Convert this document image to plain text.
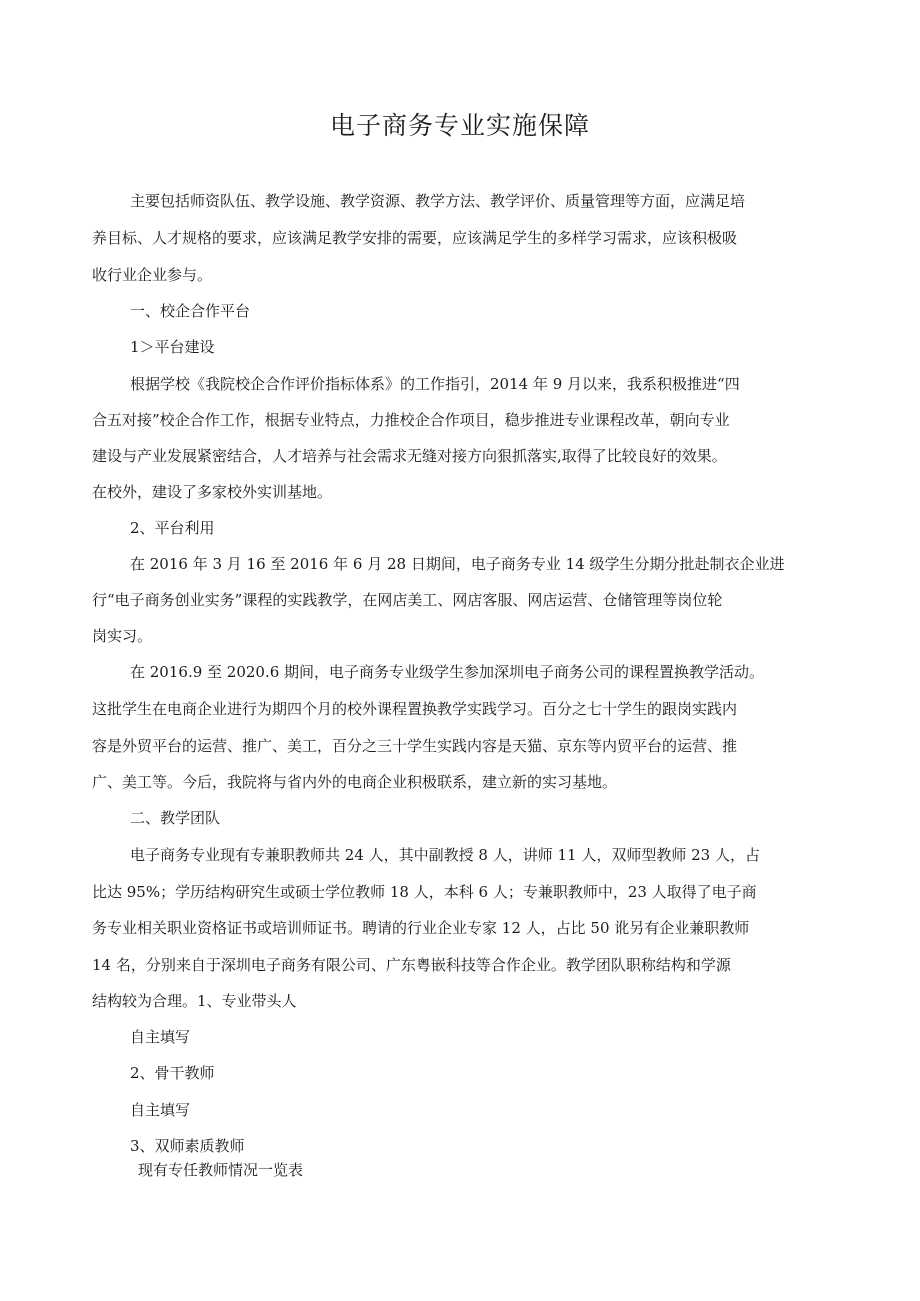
电子商务专业实施保障
主要包括师资队伍、教学设施、教学资源、教学方法、教学评价、质量管理等方面，应满足培
养目标、人才规格的要求，应该满足教学安排的需要，应该满足学生的多样学习需求，应该积极吸
收行业企业参与。
一、校企合作平台
1＞平台建设
根据学校《我院校企合作评价指标体系》的工作指引，2014 年 9 月以来，我系积极推进“四
合五对接”校企合作工作，根据专业特点，力推校企合作项目，稳步推进专业课程改革，朝向专业
建设与产业发展紧密结合，人才培养与社会需求无缝对接方向狠抓落实,取得了比较良好的效果。
在校外，建设了多家校外实训基地。
2、平台利用
在 2016 年 3 月 16 至 2016 年 6 月 28 日期间，电子商务专业 14 级学生分期分批赴制衣企业进
行“电子商务创业实务”课程的实践教学，在网店美工、网店客服、网店运营、仓储管理等岗位轮
岗实习。
在 2016.9 至 2020.6 期间，电子商务专业级学生参加深圳电子商务公司的课程置换教学活动。
这批学生在电商企业进行为期四个月的校外课程置换教学实践学习。百分之七十学生的跟岗实践内
容是外贸平台的运营、推广、美工，百分之三十学生实践内容是天猫、京东等内贸平台的运营、推
广、美工等。今后，我院将与省内外的电商企业积极联系，建立新的实习基地。
二、教学团队
电子商务专业现有专兼职教师共 24 人，其中副教授 8 人，讲师 11 人，双师型教师 23 人，占
比达 95%；学历结构研究生或硕士学位教师 18 人，本科 6 人；专兼职教师中，23 人取得了电子商
务专业相关职业资格证书或培训师证书。聘请的行业企业专家 12 人，占比 50 讹另有企业兼职教师
14 名，分别来自于深圳电子商务有限公司、广东粤嵌科技等合作企业。教学团队职称结构和学源
结构较为合理。1、专业带头人
自主填写
2、骨干教师
自主填写
3、双师素质教师
现有专任教师情况一览表
